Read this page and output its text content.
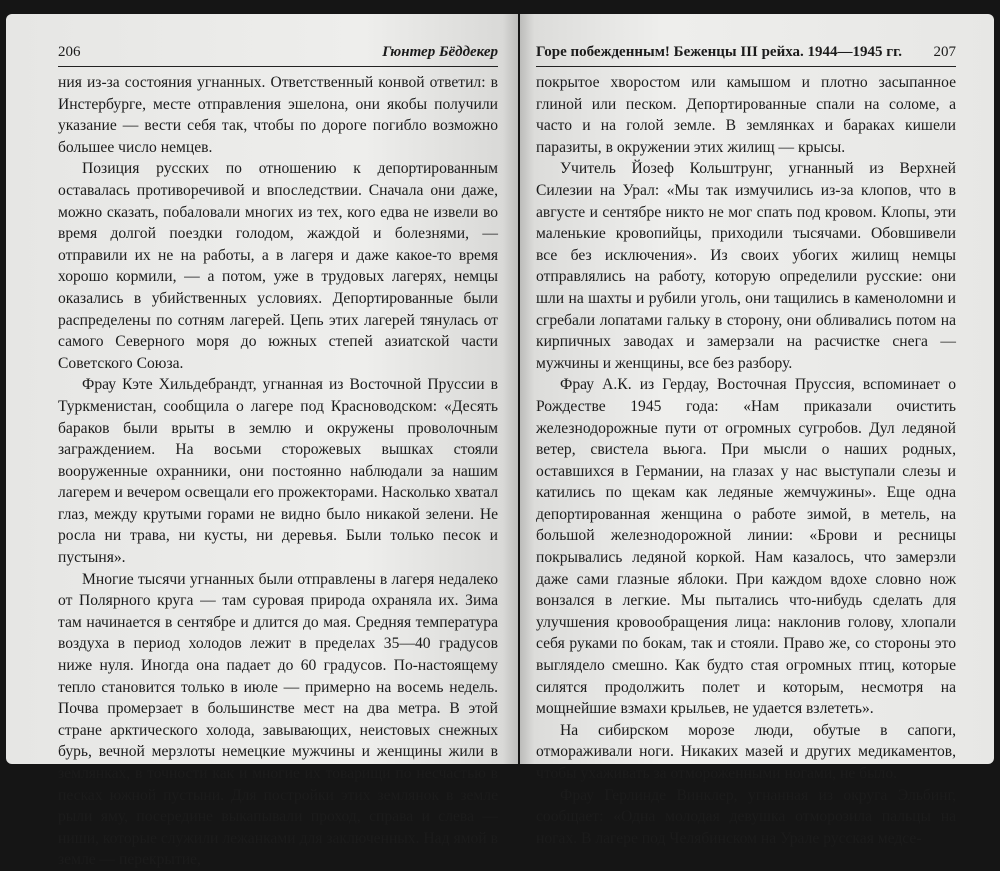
206	Гюнтер Бёддекер

ния из-за состояния угнанных. Ответственный конвой ответил: в Инстербурге, месте отправления эшелона, они якобы получили указание — вести себя так, чтобы по дороге погибло возможно большее число немцев.

Позиция русских по отношению к депортированным оставалась противоречивой и впоследствии. Сначала они даже, можно сказать, побаловали многих из тех, кого едва не извели во время долгой поездки голодом, жаждой и болезнями, — отправили их не на работы, а в лагеря и даже какое-то время хорошо кормили, — а потом, уже в трудовых лагерях, немцы оказались в убийственных условиях. Депортированные были распределены по сотням лагерей. Цепь этих лагерей тянулась от самого Северного моря до южных степей азиатской части Советского Союза.

Фрау Кэте Хильдебрандт, угнанная из Восточной Пруссии в Туркменистан, сообщила о лагере под Красноводском: «Десять бараков были врыты в землю и окружены проволочным заграждением. На восьми сторожевых вышках стояли вооруженные охранники, они постоянно наблюдали за нашим лагерем и вечером освещали его прожекторами. Насколько хватал глаз, между крутыми горами не видно было никакой зелени. Не росла ни трава, ни кусты, ни деревья. Были только песок и пустыня».

Многие тысячи угнанных были отправлены в лагеря недалеко от Полярного круга — там суровая природа охраняла их. Зима там начинается в сентябре и длится до мая. Средняя температура воздуха в период холодов лежит в пределах 35—40 градусов ниже нуля. Иногда она падает до 60 градусов. По-настоящему тепло становится только в июле — примерно на восемь недель. Почва промерзает в большинстве мест на два метра. В этой стране арктического холода, завывающих, неистовых снежных бурь, вечной мерзлоты немецкие мужчины и женщины жили в землянках, в точности как и многие их товарищи по несчастью в песках южной пустыни. Для постройки этих землянок в земле рыли яму, посередине выкапывали проход, справа и слева — ниши, которые служили лежанками для заключенных. Над ямой в земле — перекрытие,

Горе побежденным! Беженцы III рейха. 1944—1945 гг. 207

покрытое хворостом или камышом и плотно засыпанное глиной или песком. Депортированные спали на соломе, а часто и на голой земле. В землянках и бараках кишели паразиты, в окружении этих жилищ — крысы.

Учитель Йозеф Кольштрунг, угнанный из Верхней Силезии на Урал: «Мы так измучились из-за клопов, что в августе и сентябре никто не мог спать под кровом. Клопы, эти маленькие кровопийцы, приходили тысячами. Обовшивели все без исключения». Из своих убогих жилищ немцы отправлялись на работу, которую определили русские: они шли на шахты и рубили уголь, они тащились в каменоломни и сгребали лопатами гальку в сторону, они обливались потом на кирпичных заводах и замерзали на расчистке снега — мужчины и женщины, все без разбору.

Фрау А.К. из Гердау, Восточная Пруссия, вспоминает о Рождестве 1945 года: «Нам приказали очистить железнодорожные пути от огромных сугробов. Дул ледяной ветер, свистела вьюга. При мысли о наших родных, оставшихся в Германии, на глазах у нас выступали слезы и катились по щекам как ледяные жемчужины». Еще одна депортированная женщина о работе зимой, в метель, на большой железнодорожной линии: «Брови и ресницы покрывались ледяной коркой. Нам казалось, что замерзли даже сами глазные яблоки. При каждом вдохе словно нож вонзался в легкие. Мы пытались что-нибудь сделать для улучшения кровообращения лица: наклонив голову, хлопали себя руками по бокам, так и стояли. Право же, со стороны это выглядело смешно. Как будто стая огромных птиц, которые силятся продолжить полет и которым, несмотря на мощнейшие взмахи крыльев, не удается взлететь».

На сибирском морозе люди, обутые в сапоги, отмораживали ноги. Никаких мазей и других медикаментов, чтобы ухаживать за отмороженными ногами, не было.

Фрау Герлинде Винклер, угнанная из округа Эльбинг, сообщает: «Одна молодая девушка отморозила пальцы на ногах. В лагере под Челябинском на Урале русская медсе-
